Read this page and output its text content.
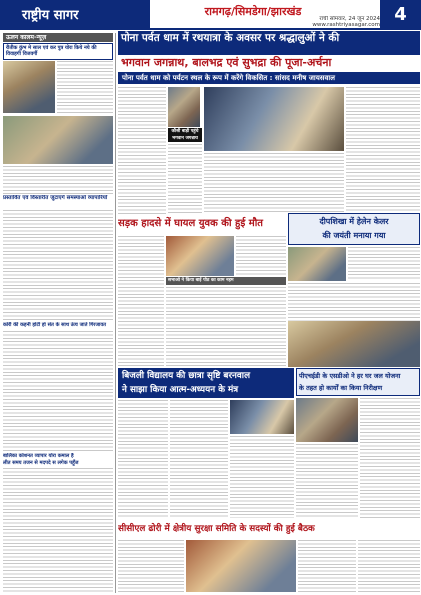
राष्ट्रीय सागर	रामगढ़/सिमडेगा/झारखंड
रांची सोमवार, 24 जून 2024
www.rashtriyasagar.com
4
ऊलन कालम-न्यूज़
रीतीक कुंभ मे साल एवं कर पुत्र योरा किये नये की विवाहगी विजवर्गी
प्रस्तावित एवं विस्तारीत जुटाएंगे समस्याओं व्यापारियों
कोरी की कहनी होटी हो संत के साथ ऊंच जाते गिरजावत
बालिका कोशनत व्यापार योरा कमाल है
लीत समय तजन से मदपदे स लगेक पहूँज
पोना पर्वत धाम में रथयात्रा के अवसर पर श्रद्धालुओं ने की
भगवान जगन्नाथ, बालभद्र एवं सुभद्रा की पूजा-अर्चना
पोना पर्वत धाम को पर्यटन स्थल के रूप में करेंगे विकसित : सांसद मनीष जायसवाल
कौसी बाड़ी पहुंचे
भगवान जगन्नाथ
सड़क हादसे में घायल युवक की हुई मौत
सभाओ ने किया बाई पोठ का काम नहम
दीपशिखा में हेलेन केलर
की जयंती मनाया गया
बिजली विद्यालय की छात्रा सृष्टि बरनवाल
ने साझा किया आत्म-अध्ययन के मंत्र
पीएचईडी के एसडीओ ने हर घर जल योजना
के तहत हो कार्यों का किया निरीक्षण
सीसीएल ढोरी में क्षेत्रीय सुरक्षा समिति के सदस्यों की हुई बैठक
